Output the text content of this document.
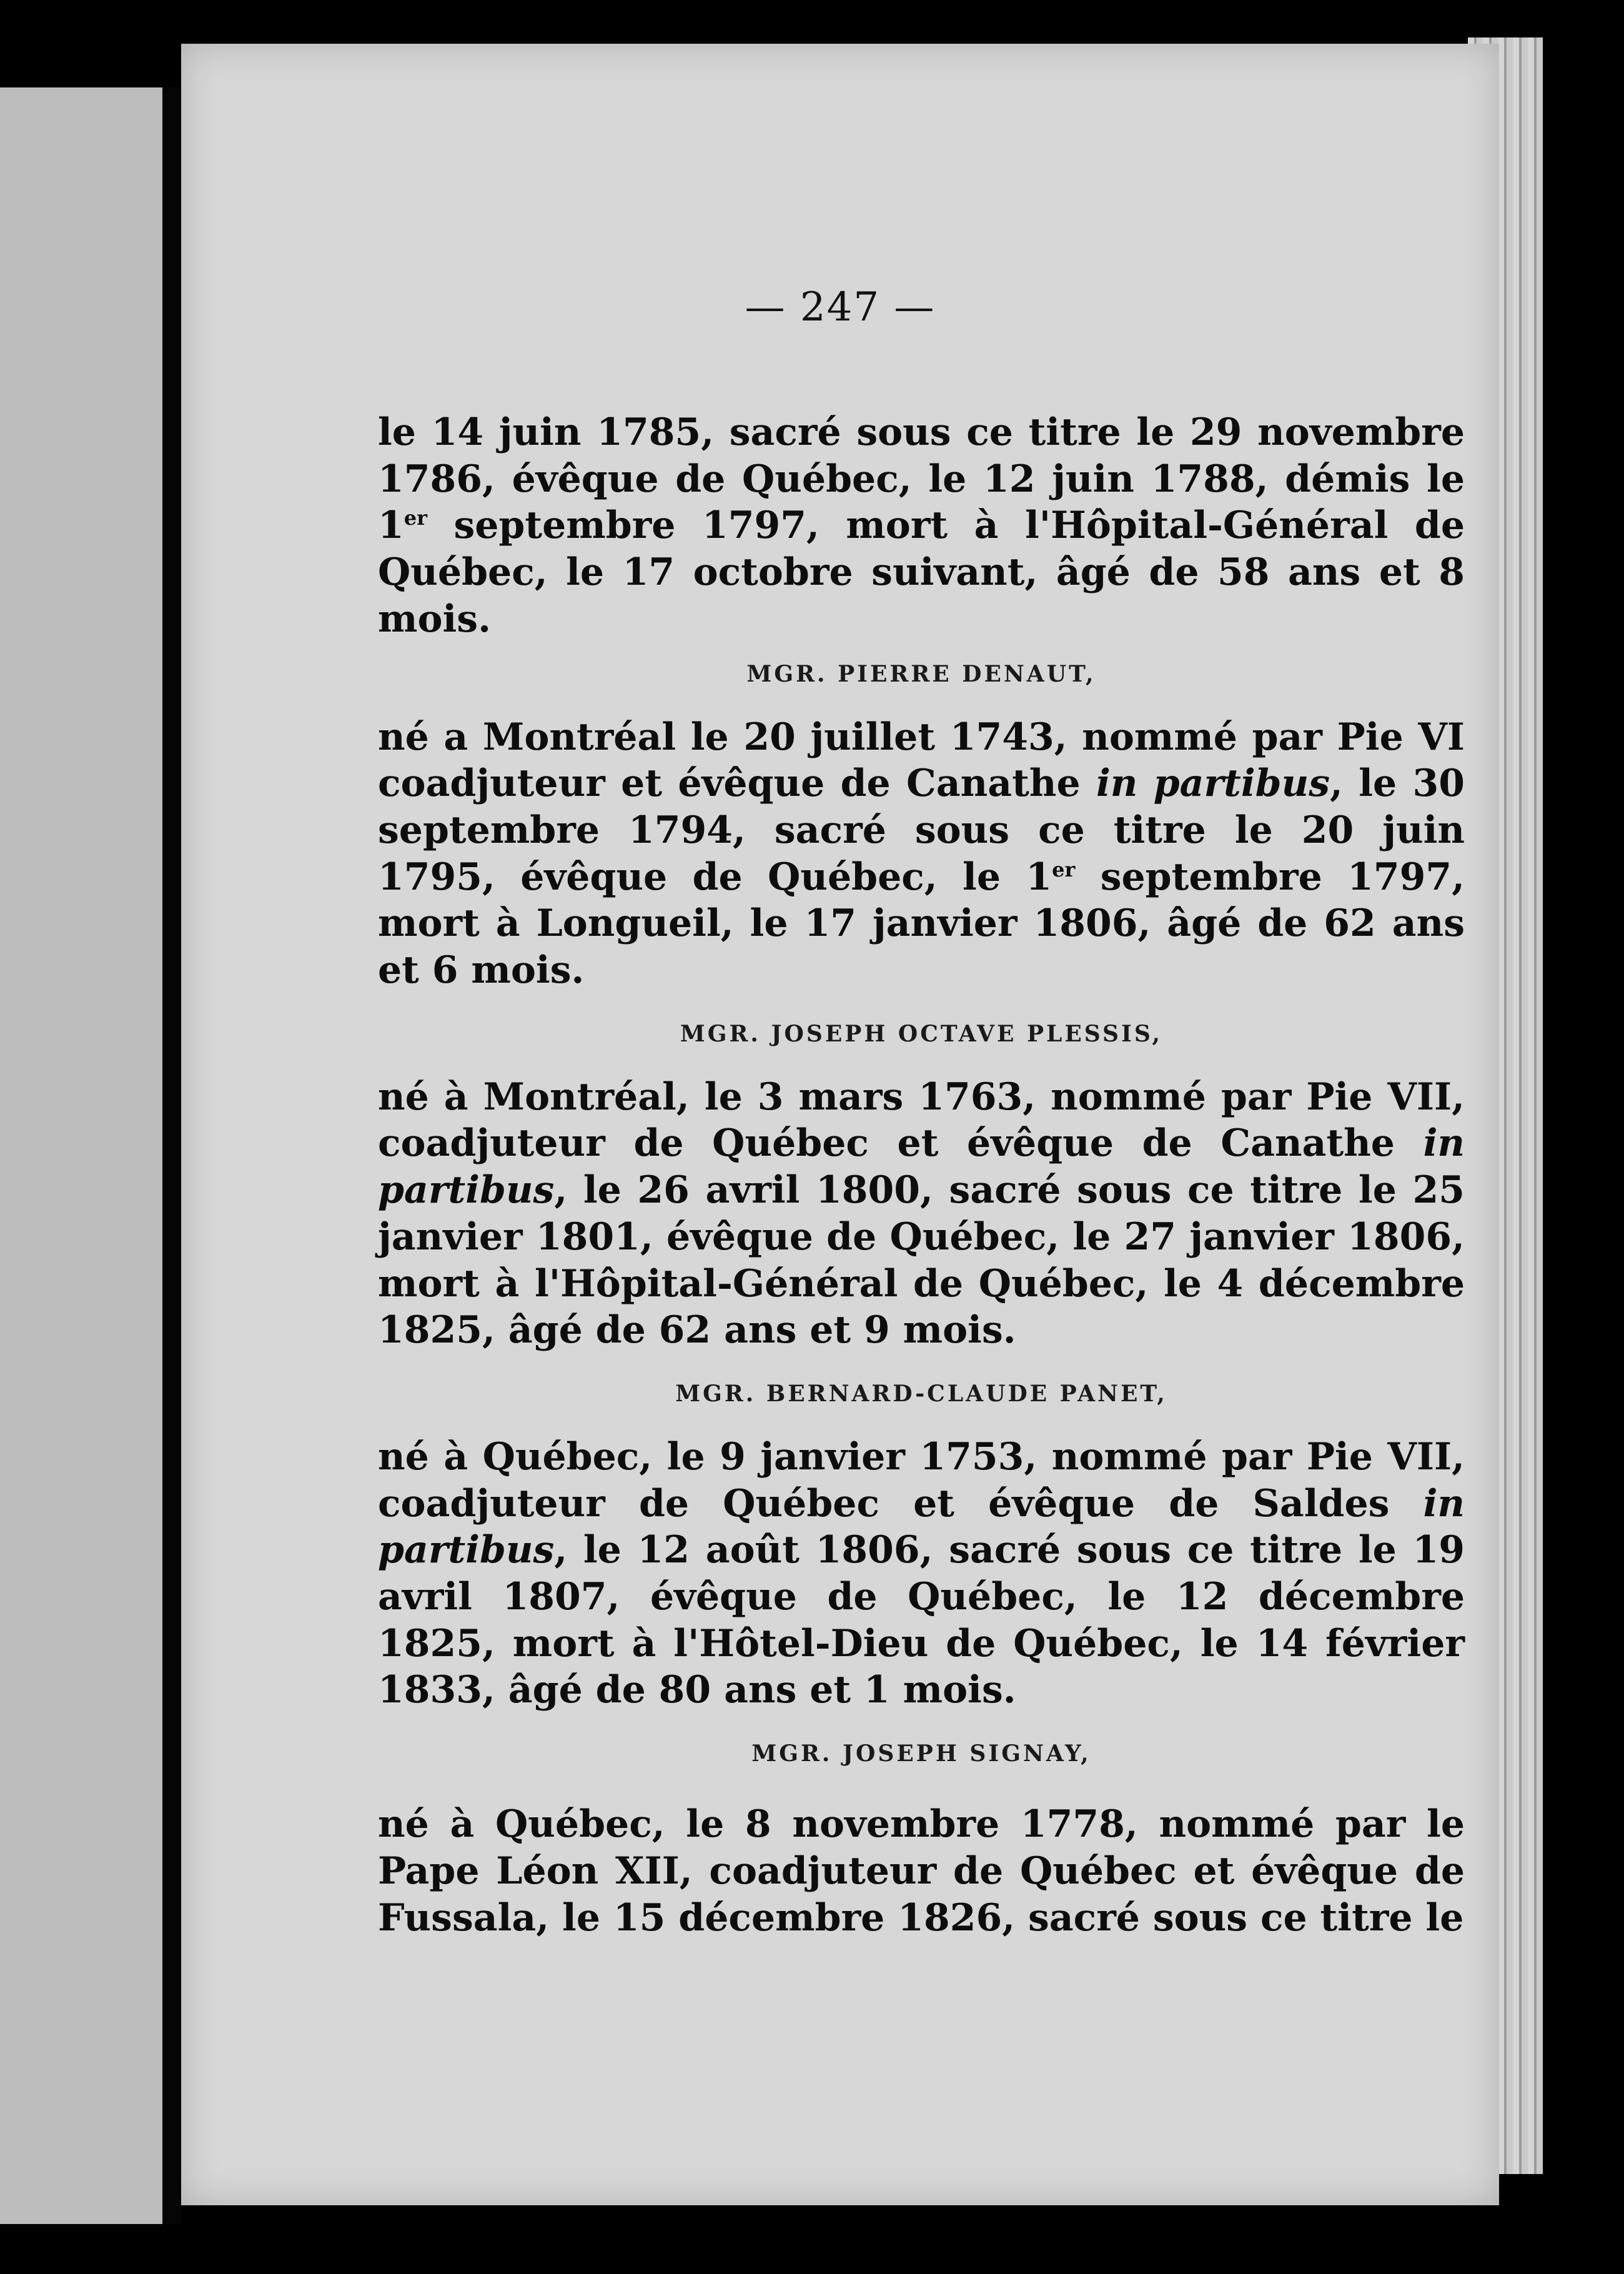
— 247 —

le 14 juin 1785, sacré sous ce titre le 29 novembre 1786, évêque de Québec, le 12 juin 1788, démis le 1er septembre 1797, mort à l'Hôpital-Général de Québec, le 17 octobre suivant, âgé de 58 ans et 8 mois.

MGR. PIERRE DENAUT,

né a Montréal le 20 juillet 1743, nommé par Pie VI coadjuteur et évêque de Canathe in partibus, le 30 septembre 1794, sacré sous ce titre le 20 juin 1795, évêque de Québec, le 1er septembre 1797, mort à Longueil, le 17 janvier 1806, âgé de 62 ans et 6 mois.

MGR. JOSEPH OCTAVE PLESSIS,

né à Montréal, le 3 mars 1763, nommé par Pie VII, coadjuteur de Québec et évêque de Canathe in partibus, le 26 avril 1800, sacré sous ce titre le 25 janvier 1801, évêque de Québec, le 27 janvier 1806, mort à l'Hôpital-Général de Québec, le 4 décembre 1825, âgé de 62 ans et 9 mois.

MGR. BERNARD-CLAUDE PANET,

né à Québec, le 9 janvier 1753, nommé par Pie VII, coadjuteur de Québec et évêque de Saldes in partibus, le 12 août 1806, sacré sous ce titre le 19 avril 1807, évêque de Québec, le 12 décembre 1825, mort à l'Hôtel-Dieu de Québec, le 14 février 1833, âgé de 80 ans et 1 mois.

MGR. JOSEPH SIGNAY,

né à Québec, le 8 novembre 1778, nommé par le Pape Léon XII, coadjuteur de Québec et évêque de Fussala, le 15 décembre 1826, sacré sous ce titre le
